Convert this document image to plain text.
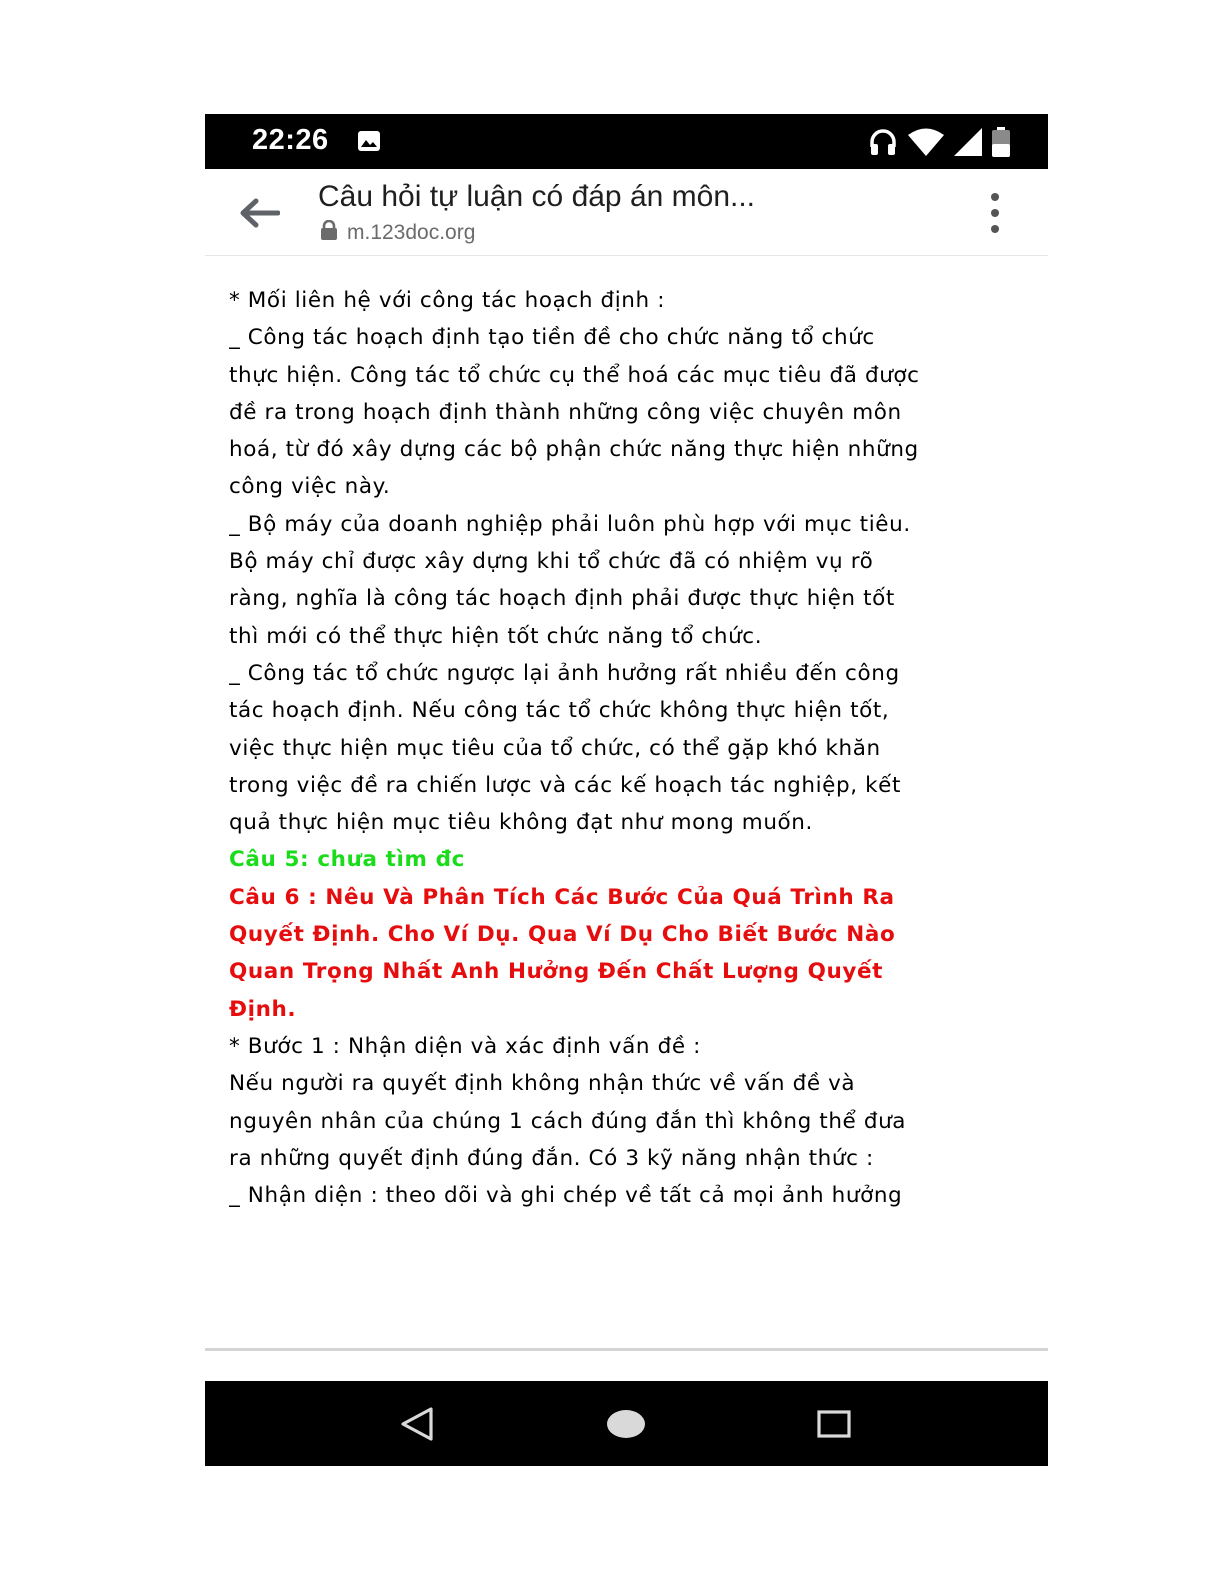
22:26
Câu hỏi tự luận có đáp án môn...
m.123doc.org
* Mối liên hệ với công tác hoạch định :
_ Công tác hoạch định tạo tiền đề cho chức năng tổ chức
thực hiện. Công tác tổ chức cụ thể hoá các mục tiêu đã được
đề ra trong hoạch định thành những công việc chuyên môn
hoá, từ đó xây dựng các bộ phận chức năng thực hiện những
công việc này.
_ Bộ máy của doanh nghiệp phải luôn phù hợp với mục tiêu.
Bộ máy chỉ được xây dựng khi tổ chức đã có nhiệm vụ rõ
ràng, nghĩa là công tác hoạch định phải được thực hiện tốt
thì mới có thể thực hiện tốt chức năng tổ chức.
_ Công tác tổ chức ngược lại ảnh hưởng rất nhiều đến công
tác hoạch định. Nếu công tác tổ chức không thực hiện tốt,
việc thực hiện mục tiêu của tổ chức, có thể gặp khó khăn
trong việc đề ra chiến lược và các kế hoạch tác nghiệp, kết
quả thực hiện mục tiêu không đạt như mong muốn.
Câu 5: chưa tìm đc
Câu 6 : Nêu Và Phân Tích Các Bước Của Quá Trình Ra
Quyết Định. Cho Ví Dụ. Qua Ví Dụ Cho Biết Bước Nào
Quan Trọng Nhất Anh Hưởng Đến Chất Lượng Quyết
Định.
* Bước 1 : Nhận diện và xác định vấn đề :
Nếu người ra quyết định không nhận thức về vấn đề và
nguyên nhân của chúng 1 cách đúng đắn thì không thể đưa
ra những quyết định đúng đắn. Có 3 kỹ năng nhận thức :
_ Nhận diện : theo dõi và ghi chép về tất cả mọi ảnh hưởng
